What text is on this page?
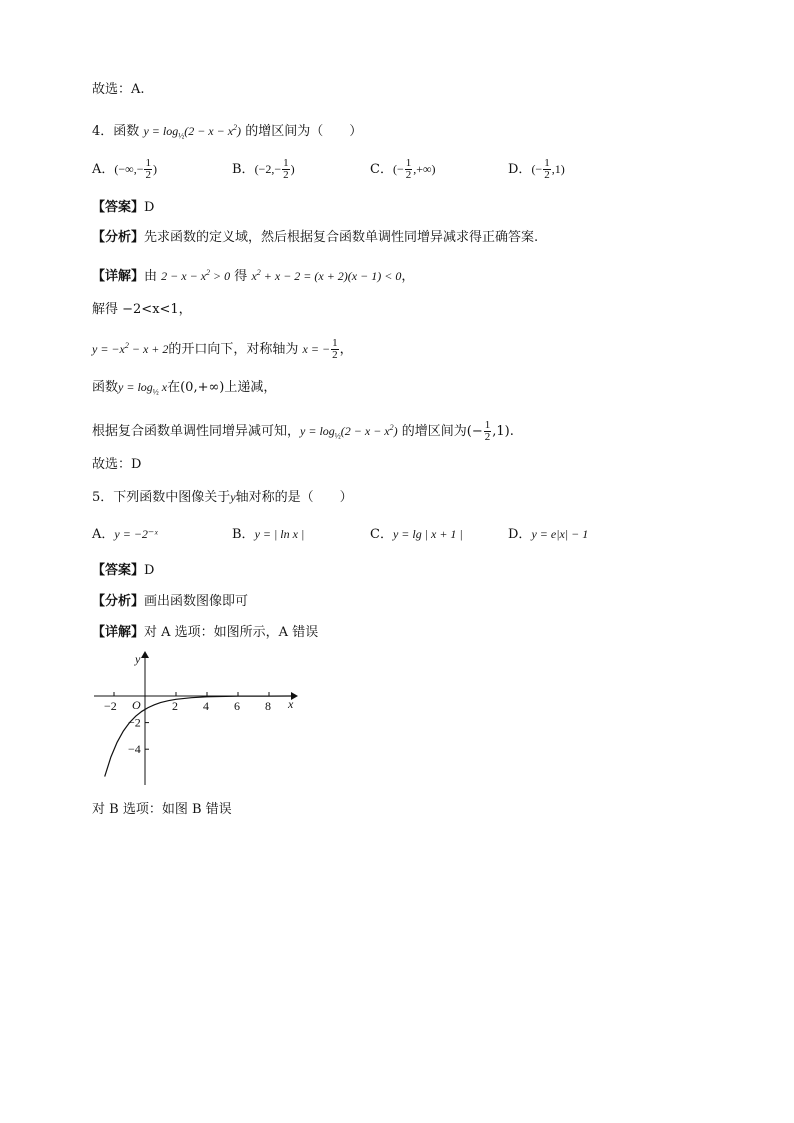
故选：A.
4．函数 $y = \log_{\frac{1}{2}}(2 - x - x^2)$ 的增区间为（　　）
A．(−∞,− $\frac{1}{2}$ )	B．($-2,- \frac{1}{2}$ )	C．(− $\frac{1}{2}$ ,+∞)	D．(− $\frac{1}{2} ,1$)
【答案】D
【分析】先求函数的定义域，然后根据复合函数单调性同增异减求得正确答案.
【详解】由 $2 - x - x^2 > 0$ 得 $x^2 + x - 2 = (x + 2)(x - 1) < 0$，
解得 −2<x<1，
$y = -x^2 - x + 2$的开口向下，对称轴为 x = − $\frac{1}{2}$ ，
函数$y = \log_{\frac{1}{2}} x$在(0,+∞)上递减，
根据复合函数单调性同增异减可知，$y = \log_{\frac{1}{2}}(2 - x - x^2)$ 的增区间为(− $\frac{1}{2} ,1$).
故选：D
5．下列函数中图像关于y轴对称的是（　　）
A．y = −2⁻ˣ	B．y = | ln x |	C．y = lg | x + 1 |	D．y = e|x| − 1
【答案】D
【分析】画出函数图像即可
【详解】对 A 选项：如图所示，A 错误
y
x
O
−2	2 4 6 8
−2
−4
对 B 选项：如图 B 错误
